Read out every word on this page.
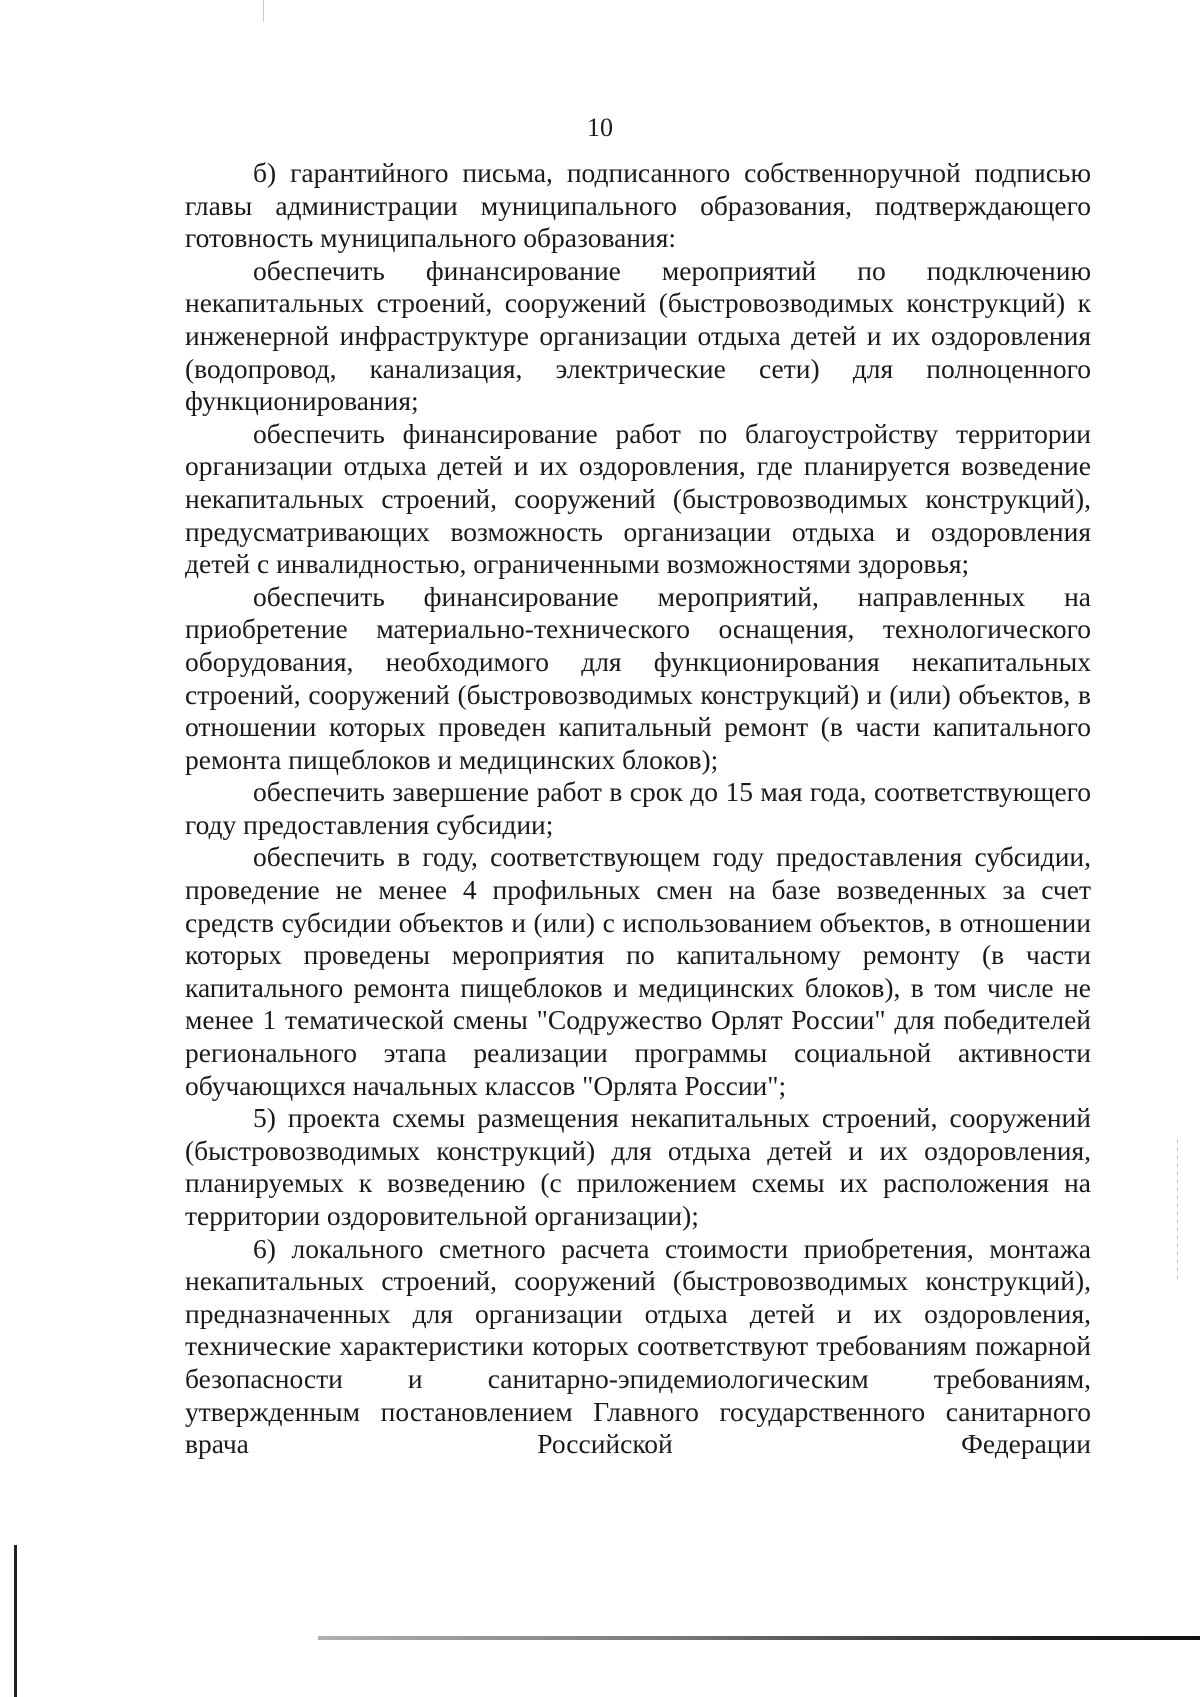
10

б) гарантийного письма, подписанного собственноручной подписью главы администрации муниципального образования, подтверждающего готовность муниципального образования:

обеспечить финансирование мероприятий по подключению некапитальных строений, сооружений (быстровозводимых конструкций) к инженерной инфраструктуре организации отдыха детей и их оздоровления (водопровод, канализация, электрические сети) для полноценного функционирования;

обеспечить финансирование работ по благоустройству территории организации отдыха детей и их оздоровления, где планируется возведение некапитальных строений, сооружений (быстровозводимых конструкций), предусматривающих возможность организации отдыха и оздоровления детей с инвалидностью, ограниченными возможностями здоровья;

обеспечить финансирование мероприятий, направленных на приобретение материально-технического оснащения, технологического оборудования, необходимого для функционирования некапитальных строений, сооружений (быстровозводимых конструкций) и (или) объектов, в отношении которых проведен капитальный ремонт (в части капитального ремонта пищеблоков и медицинских блоков);

обеспечить завершение работ в срок до 15 мая года, соответствующего году предоставления субсидии;

обеспечить в году, соответствующем году предоставления субсидии, проведение не менее 4 профильных смен на базе возведенных за счет средств субсидии объектов и (или) с использованием объектов, в отношении которых проведены мероприятия по капитальному ремонту (в части капитального ремонта пищеблоков и медицинских блоков), в том числе не менее 1 тематической смены "Содружество Орлят России" для победителей регионального этапа реализации программы социальной активности обучающихся начальных классов "Орлята России";

5) проекта схемы размещения некапитальных строений, сооружений (быстровозводимых конструкций) для отдыха детей и их оздоровления, планируемых к возведению (с приложением схемы их расположения на территории оздоровительной организации);

6) локального сметного расчета стоимости приобретения, монтажа некапитальных строений, сооружений (быстровозводимых конструкций), предназначенных для организации отдыха детей и их оздоровления, технические характеристики которых соответствуют требованиям пожарной безопасности и санитарно-эпидемиологическим требованиям, утвержденным постановлением Главного государственного санитарного врача Российской Федерации
